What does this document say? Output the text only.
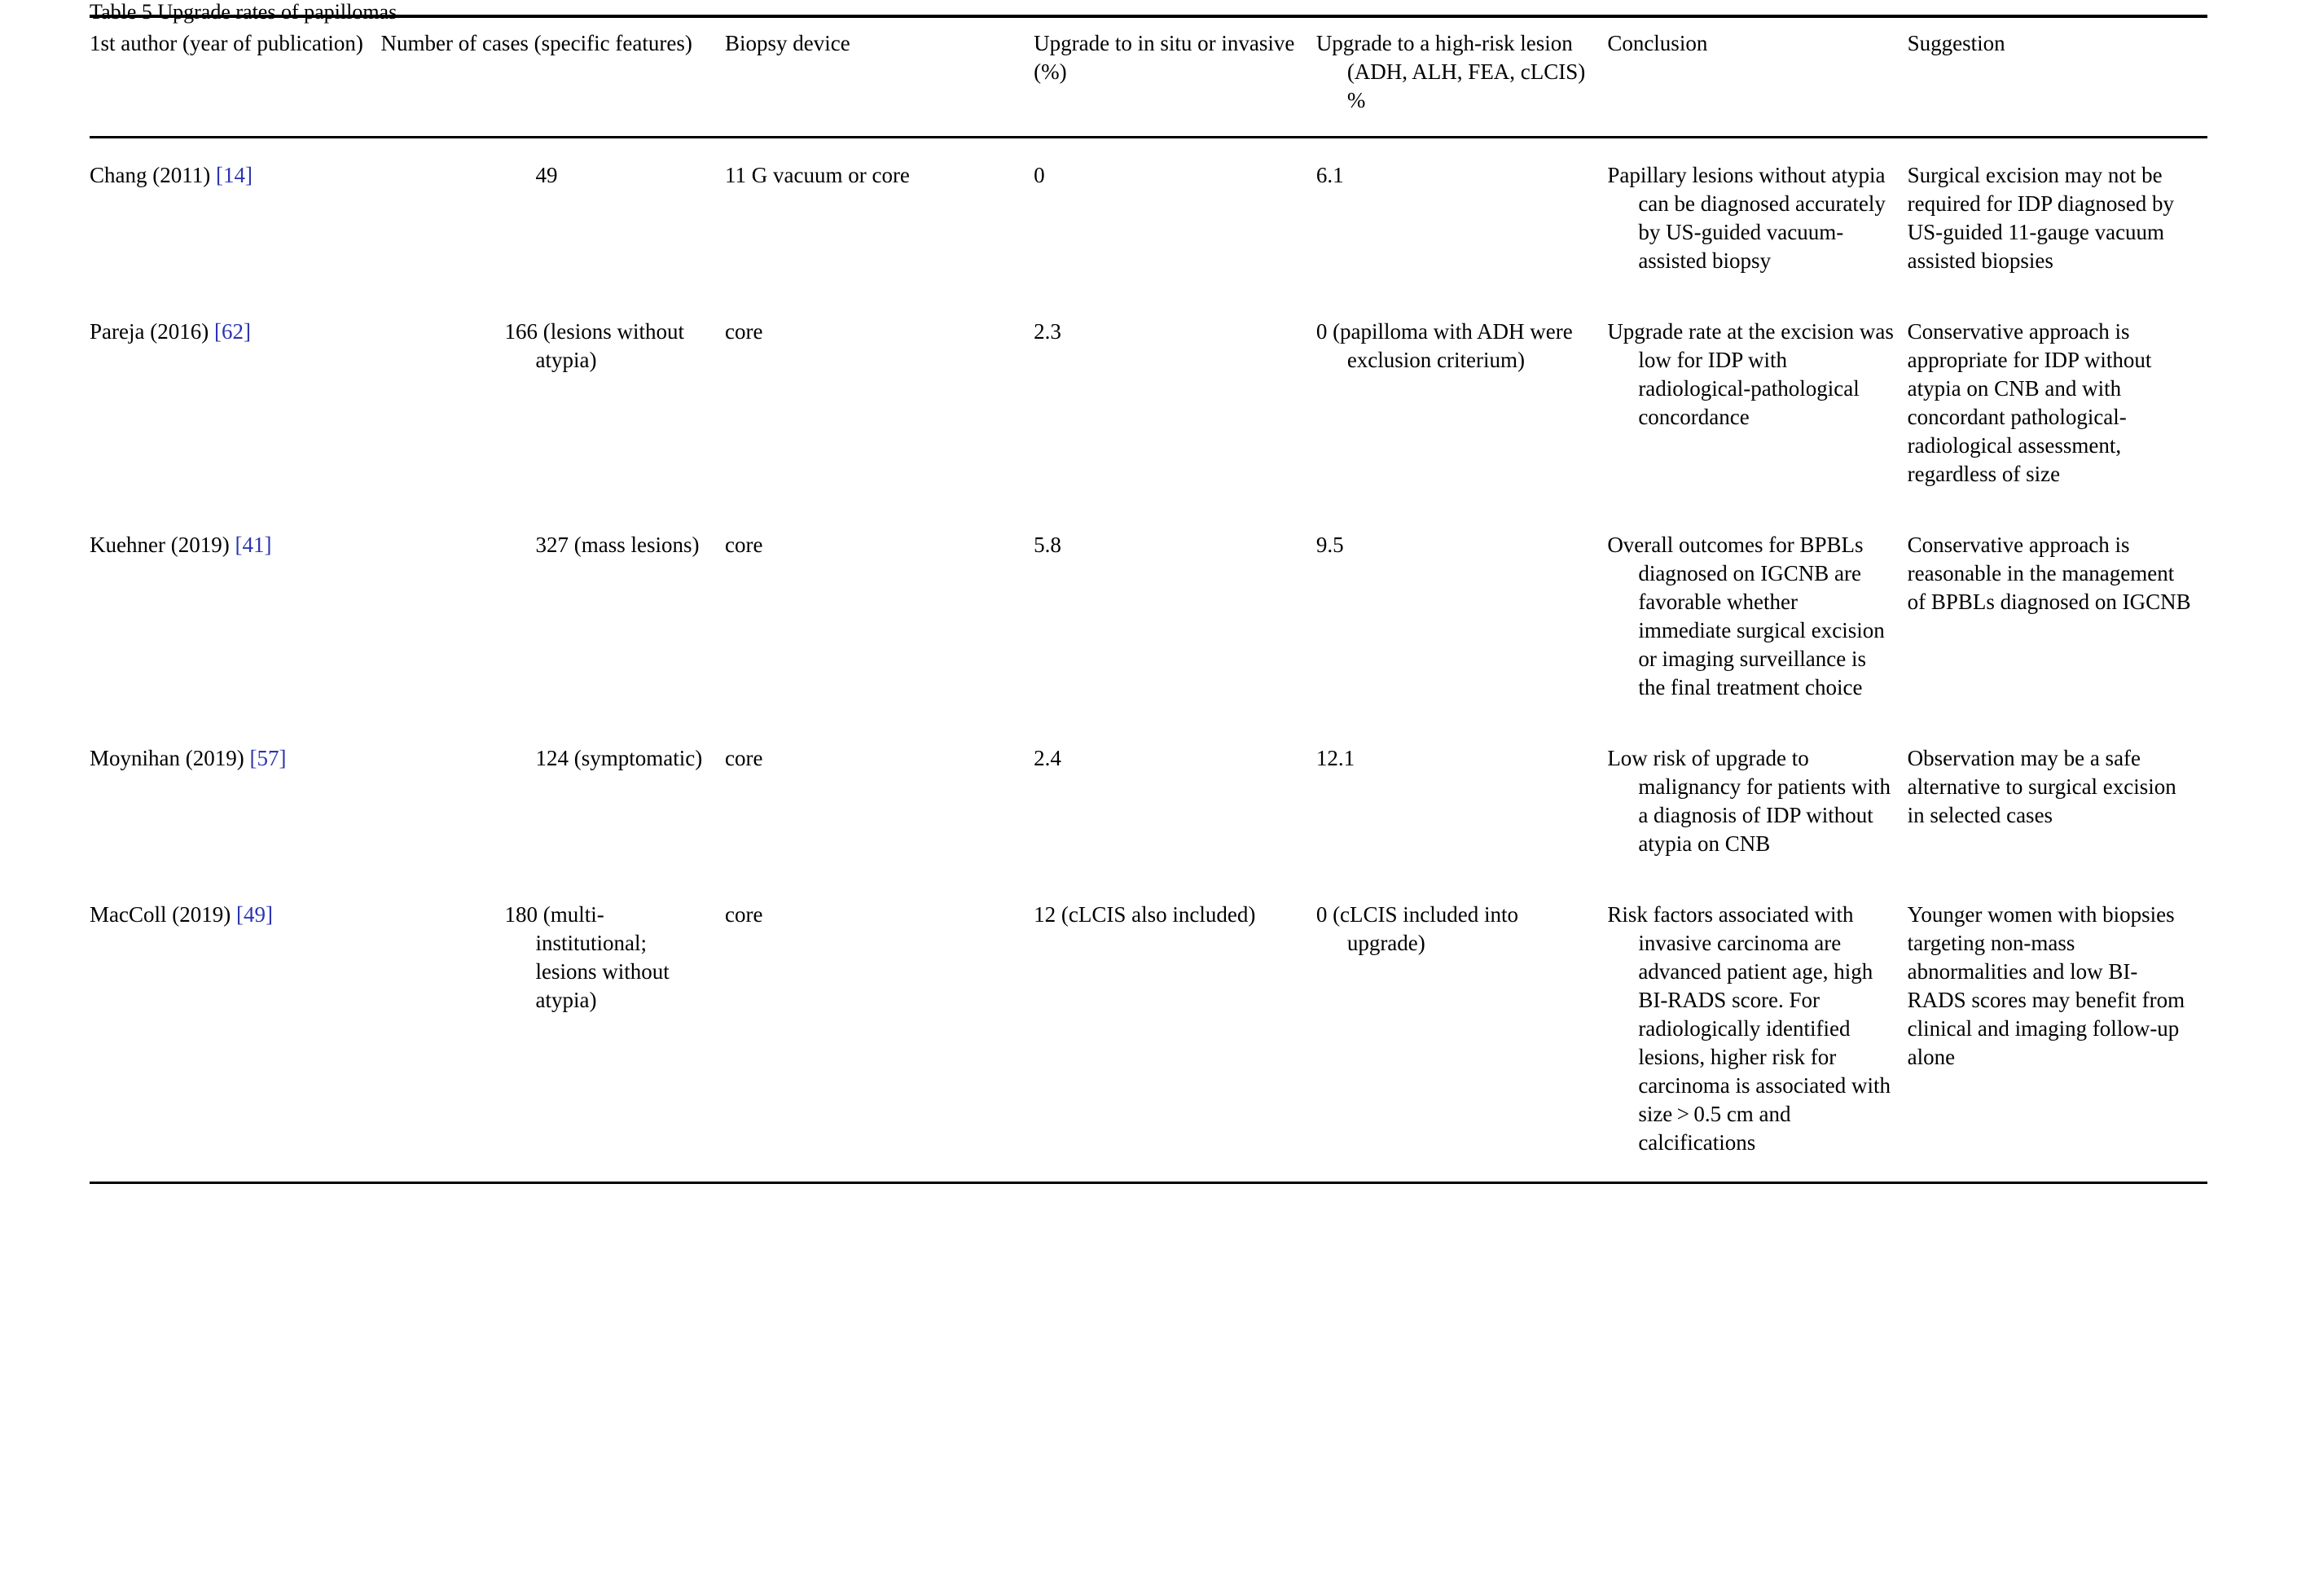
Table 5 Upgrade rates of papillomas
1st author (year of publication)	Number of cases (specific features)	Biopsy device	Upgrade to in situ or invasive (%)	Upgrade to a high-risk lesion (ADH, ALH, FEA, cLCIS) %	Conclusion	Suggestion
Chang (2011) [14]	49	11 G vacuum or core	0	6.1	Papillary lesions without atypia can be diagnosed accurately by US-guided vacuum-assisted biopsy	Surgical excision may not be required for IDP diagnosed by US-guided 11-gauge vacuum assisted biopsies
Pareja (2016) [62]	166 (lesions without atypia)	core	2.3	0 (papilloma with ADH were exclusion criterium)	Upgrade rate at the excision was low for IDP with radiological-pathological concordance	Conservative approach is appropriate for IDP without atypia on CNB and with concordant pathological-radiological assessment, regardless of size
Kuehner (2019) [41]	327 (mass lesions)	core	5.8	9.5	Overall outcomes for BPBLs diagnosed on IGCNB are favorable whether immediate surgical excision or imaging surveillance is the final treatment choice	Conservative approach is reasonable in the management of BPBLs diagnosed on IGCNB
Moynihan (2019) [57]	124 (symptomatic)	core	2.4	12.1	Low risk of upgrade to malignancy for patients with a diagnosis of IDP without atypia on CNB	Observation may be a safe alternative to surgical excision in selected cases
MacColl (2019) [49]	180 (multi-institutional; lesions without atypia)	core	12 (cLCIS also included)	0 (cLCIS included into upgrade)	Risk factors associated with invasive carcinoma are advanced patient age, high BI-RADS score. For radiologically identified lesions, higher risk for carcinoma is associated with size > 0.5 cm and calcifications	Younger women with biopsies targeting non-mass abnormalities and low BI-RADS scores may benefit from clinical and imaging follow-up alone
